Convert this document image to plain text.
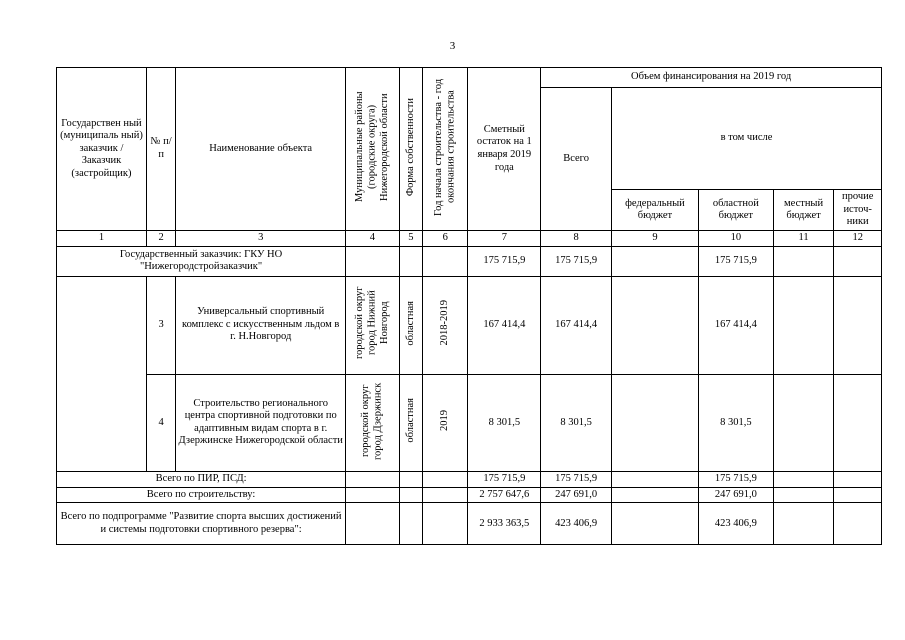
3
Государствен ный (муниципаль ный) заказчик / Заказчик (застройщик)	№ п/п	Наименование объекта	Муниципальные районы (городские округа) Нижегородской области	Форма собственности	Год начала строительства - год окончания строительства	Сметный остаток на 1 января 2019 года	Объем финансирования на 2019 год				
							Всего	в том числе			
								федеральный бюджет	областной бюджет	местный бюджет	прочие источ-ники
1	2	3	4	5	6	7	8	9	10	11	12
Государственный заказчик: ГКУ НО "Нижегородстройзаказчик"						175 715,9	175 715,9		175 715,9		
	3	Универсальный спортивный комплекс с искусственным льдом в г. Н.Новгород	городской округ город Нижний Новгород	областная	2018-2019	167 414,4	167 414,4		167 414,4		
	4	Строительство регионального центра спортивной подготовки по адаптивным видам спорта в г. Дзержинске Нижегородской области	городской округ город Дзержинск	областная	2019	8 301,5	8 301,5		8 301,5		
Всего по ПИР, ПСД:						175 715,9	175 715,9		175 715,9		
Всего по строительству:						2 757 647,6	247 691,0		247 691,0		
Всего по подпрограмме "Развитие спорта высших достижений и системы подготовки спортивного резерва":						2 933 363,5	423 406,9		423 406,9		
